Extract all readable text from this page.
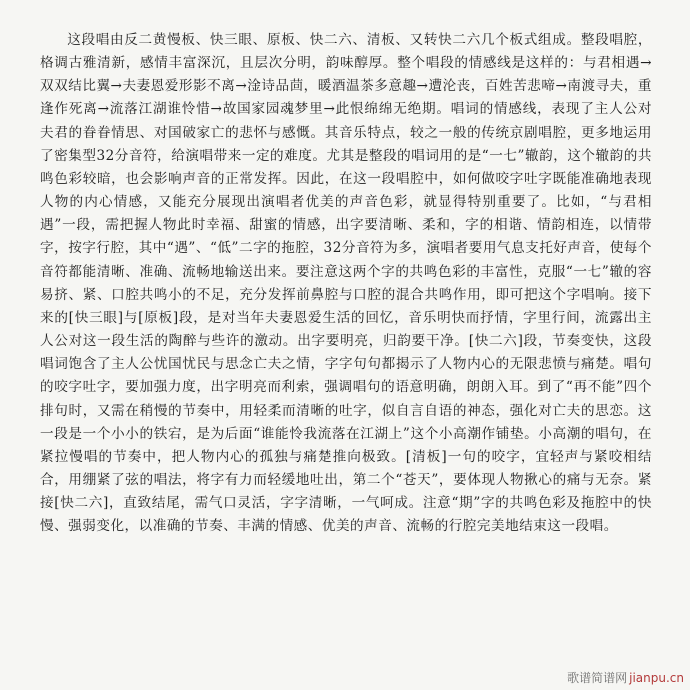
这段唱由反二黄慢板、快三眼、原板、快二六、清板、又转快二六几个板式组成。整段唱腔，格调古雅清新，感情丰富深沉，且层次分明，韵味醇厚。整个唱段的情感线是这样的：与君相遇→双双结比翼→夫妻恩爱形影不离→淦诗品茴，暖酒温茶多意趣→遭沦丧，百姓苦悲啼→南渡寻夫，重逢作死离→流落江湖谁怜惜→故国家园魂梦里→此恨绵绵无绝期。唱词的情感线，表现了主人公对夫君的眷眷情思、对国破家亡的悲怀与感慨。其音乐特点，较之一般的传统京剧唱腔，更多地运用了密集型32分音符，给演唱带来一定的难度。尤其是整段的唱词用的是“一七”辙韵，这个辙韵的共鸣色彩较暗，也会影响声音的正常发挥。因此，在这一段唱腔中，如何做咬字吐字既能准确地表现人物的内心情感，又能充分展现出演唱者优美的声音色彩，就显得特别重要了。比如，“与君相遇”一段，需把握人物此时幸福、甜蜜的情感，出字要清晰、柔和，字的相谐、情韵相连，以情带字，按字行腔，其中“遇”、“低”二字的拖腔，32分音符为多，演唱者要用气息支托好声音，使每个音符都能清晰、准确、流畅地输送出来。要注意这两个字的共鸣色彩的丰富性，克服“一七”辙的容易挤、紧、口腔共鸣小的不足，充分发挥前鼻腔与口腔的混合共鸣作用，即可把这个字唱响。接下来的[快三眼]与[原板]段，是对当年夫妻恩爱生活的回忆，音乐明快而抒情，字里行间，流露出主人公对这一段生活的陶醉与些许的激动。出字要明亮，归韵要干净。[快二六]段，节奏变快，这段唱词饱含了主人公忧国忧民与思念亡夫之情，字字句句都揭示了人物内心的无限悲愤与痛楚。唱句的咬字吐字，要加强力度，出字明亮而利索，强调唱句的语意明确，朗朗入耳。到了“再不能”四个排句时，又需在稍慢的节奏中，用轻柔而清晰的吐字，似自言自语的神态，强化对亡夫的思恋。这一段是一个小小的铁宕，是为后面“谁能怜我流落在江湖上”这个小高潮作铺垫。小高潮的唱句，在紧拉慢唱的节奏中，把人物内心的孤独与痛楚推向极致。[清板]一句的咬字，宜轻声与紧咬相结合，用绷紧了弦的唱法，将字有力而轻缓地吐出，第二个“苍天”，要体现人物揪心的痛与无奈。紧接[快二六]，直致结尾，需气口灵活，字字清晰，一气呵成。注意“期”字的共鸣色彩及拖腔中的快慢、强弱变化，以准确的节奏、丰满的情感、优美的声音、流畅的行腔完美地结束这一段唱。

歌谱简谱网 jianpu.cn
